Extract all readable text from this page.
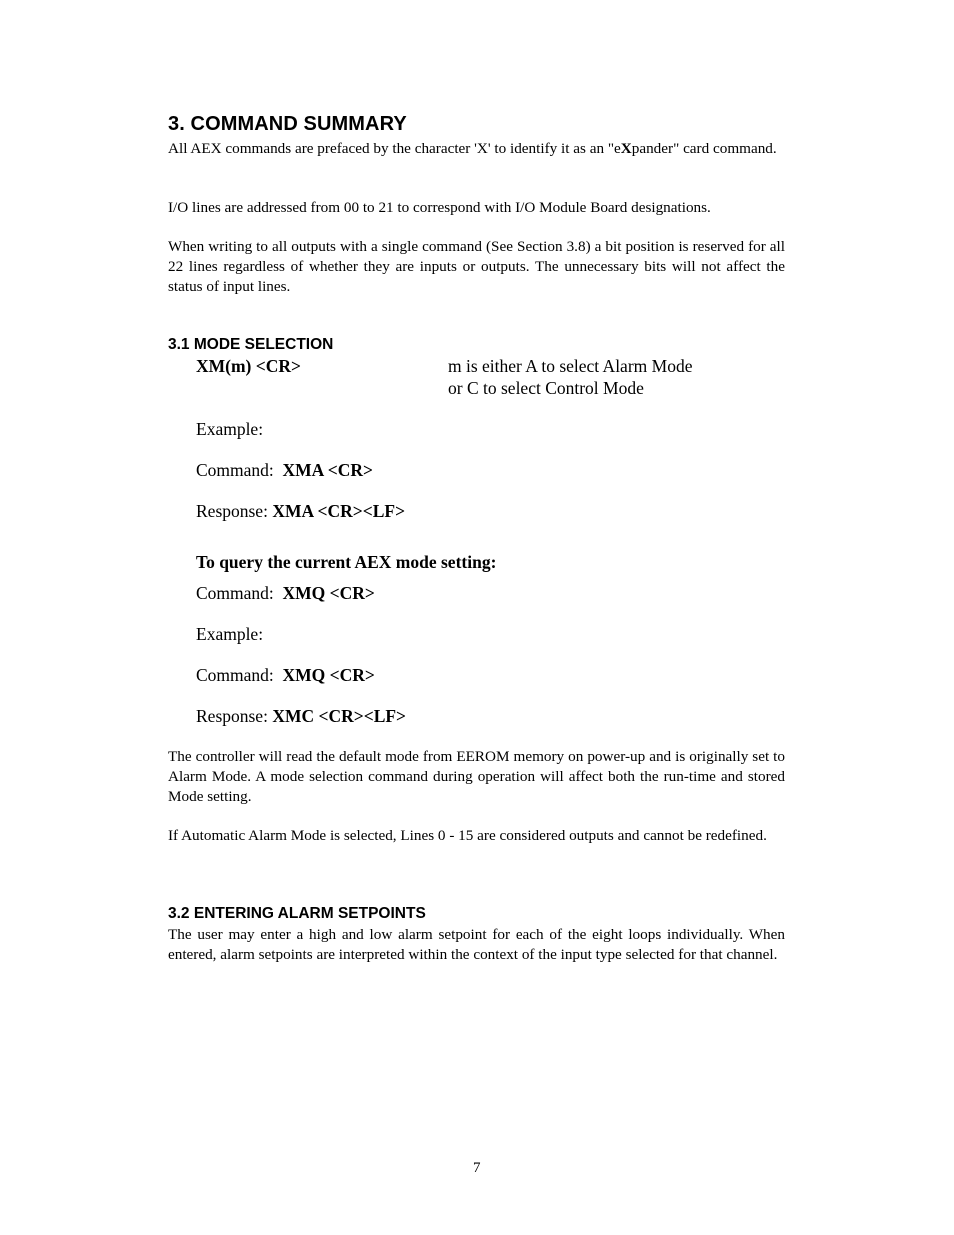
3. COMMAND SUMMARY

All AEX commands are prefaced by the character 'X' to identify it as an "eXpander" card command.

I/O lines are addressed from 00 to 21 to correspond with I/O Module Board designations.

When writing to all outputs with a single command (See Section 3.8) a bit position is reserved for all 22 lines regardless of whether they are inputs or outputs. The unnecessary bits will not affect the status of input lines.

3.1 MODE SELECTION
XM(m) <CR>	m is either A to select Alarm Mode
or C to select Control Mode
Example:
Command: XMA <CR>
Response: XMA <CR><LF>
To query the current AEX mode setting:
Command: XMQ <CR>
Example:
Command: XMQ <CR>
Response: XMC <CR><LF>

The controller will read the default mode from EEROM memory on power-up and is originally set to Alarm Mode. A mode selection command during operation will affect both the run-time and stored Mode setting.

If Automatic Alarm Mode is selected, Lines 0 - 15 are considered outputs and cannot be redefined.

3.2 ENTERING ALARM SETPOINTS

The user may enter a high and low alarm setpoint for each of the eight loops individually. When entered, alarm setpoints are interpreted within the context of the input type selected for that channel.

7
